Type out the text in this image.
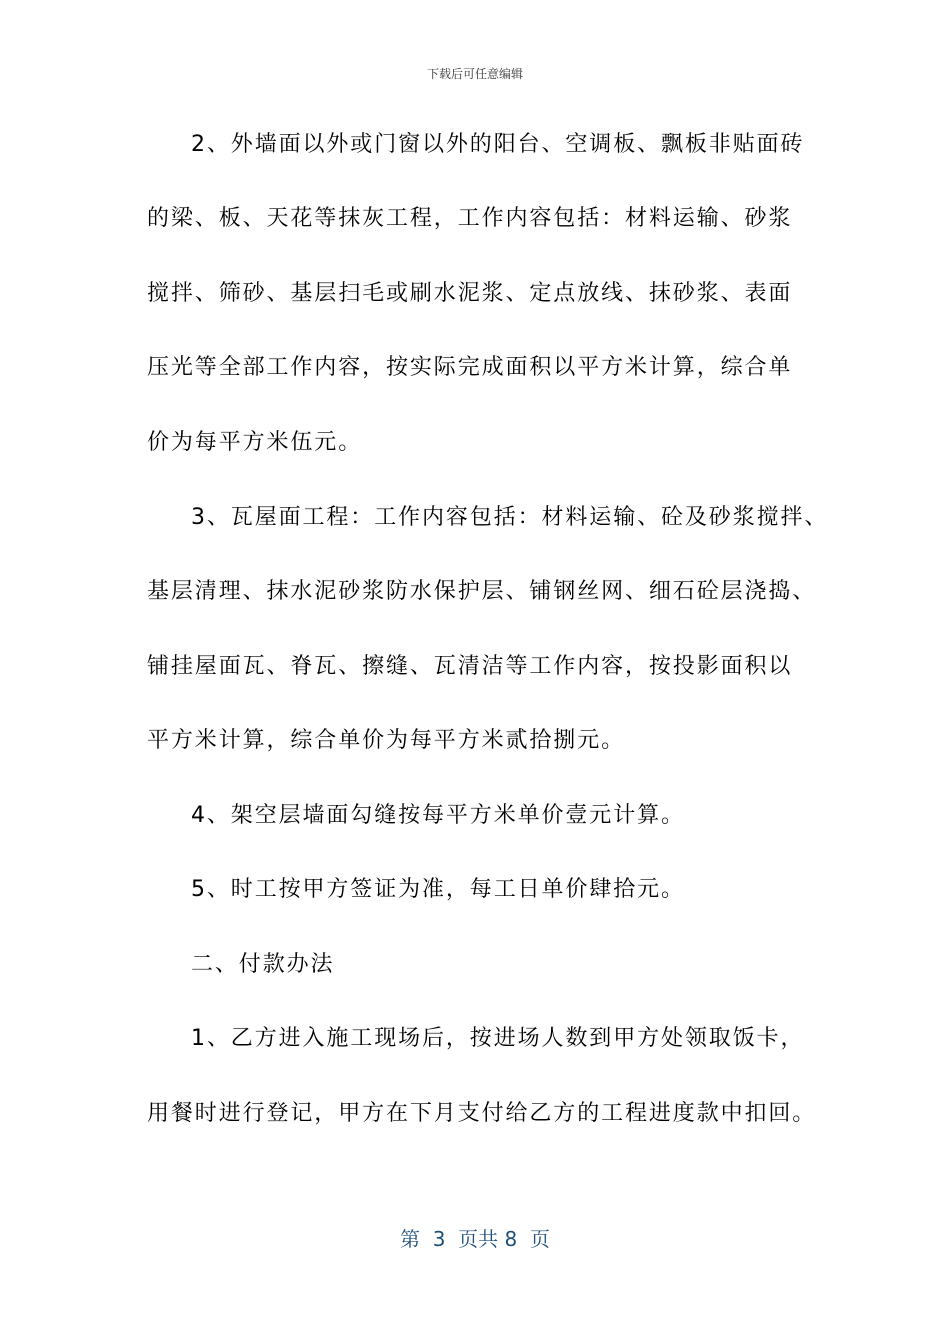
下载后可任意编辑
2、外墙面以外或门窗以外的阳台、空调板、飘板非贴面砖
的梁、板、天花等抹灰工程，工作内容包括：材料运输、砂浆
搅拌、筛砂、基层扫毛或刷水泥浆、定点放线、抹砂浆、表面
压光等全部工作内容，按实际完成面积以平方米计算，综合单
价为每平方米伍元。
3、瓦屋面工程：工作内容包括：材料运输、砼及砂浆搅拌、
基层清理、抹水泥砂浆防水保护层、铺钢丝网、细石砼层浇捣、
铺挂屋面瓦、脊瓦、擦缝、瓦清洁等工作内容，按投影面积以
平方米计算，综合单价为每平方米贰拾捌元。
4、架空层墙面勾缝按每平方米单价壹元计算。
5、时工按甲方签证为准，每工日单价肆拾元。
二、付款办法
1、乙方进入施工现场后，按进场人数到甲方处领取饭卡，
用餐时进行登记，甲方在下月支付给乙方的工程进度款中扣回。
第  3  页共 8  页
